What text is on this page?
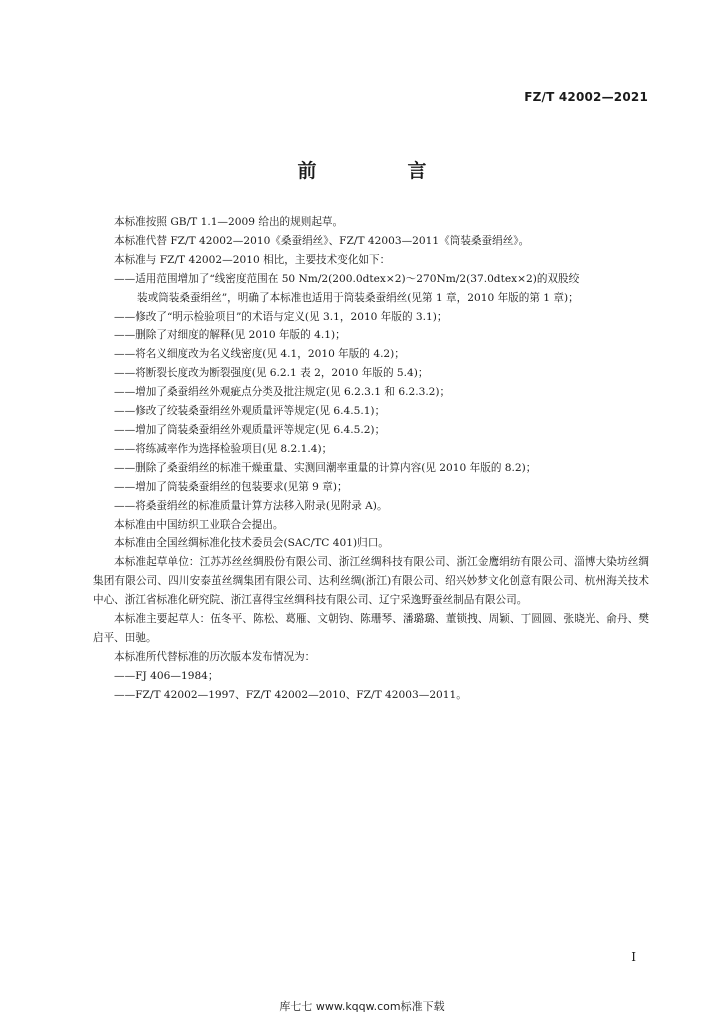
FZ/T 42002—2021
前　言
本标准按照 GB/T 1.1—2009 给出的规则起草。
本标准代替 FZ/T 42002—2010《桑蚕绢丝》、FZ/T 42003—2011《筒装桑蚕绢丝》。
本标准与 FZ/T 42002—2010 相比，主要技术变化如下：
——适用范围增加了“线密度范围在 50 Nm/2(200.0dtex×2)～270Nm/2(37.0dtex×2)的双股绞
装或筒装桑蚕绢丝”，明确了本标准也适用于筒装桑蚕绢丝(见第 1 章，2010 年版的第 1 章)；
——修改了“明示检验项目”的术语与定义(见 3.1，2010 年版的 3.1)；
——删除了对细度的解释(见 2010 年版的 4.1)；
——将名义细度改为名义线密度(见 4.1，2010 年版的 4.2)；
——将断裂长度改为断裂强度(见 6.2.1 表 2，2010 年版的 5.4)；
——增加了桑蚕绢丝外观疵点分类及批注规定(见 6.2.3.1 和 6.2.3.2)；
——修改了绞装桑蚕绢丝外观质量评等规定(见 6.4.5.1)；
——增加了筒装桑蚕绢丝外观质量评等规定(见 6.4.5.2)；
——将练减率作为选择检验项目(见 8.2.1.4)；
——删除了桑蚕绢丝的标准干燥重量、实测回潮率重量的计算内容(见 2010 年版的 8.2)；
——增加了筒装桑蚕绢丝的包装要求(见第 9 章)；
——将桑蚕绢丝的标准质量计算方法移入附录(见附录 A)。
本标准由中国纺织工业联合会提出。
本标准由全国丝绸标准化技术委员会(SAC/TC 401)归口。
本标准起草单位：江苏苏丝丝绸股份有限公司、浙江丝绸科技有限公司、浙江金鹰绢纺有限公司、淄博大染坊丝绸集团有限公司、四川安泰茧丝绸集团有限公司、达利丝绸(浙江)有限公司、绍兴妙梦文化创意有限公司、杭州海关技术中心、浙江省标准化研究院、浙江喜得宝丝绸科技有限公司、辽宁采逸野蚕丝制品有限公司。
本标准主要起草人：伍冬平、陈松、葛雁、文朝钧、陈珊琴、潘璐璐、董锁拽、周颖、丁圆圆、张晓光、俞丹、樊启平、田驰。
本标准所代替标准的历次版本发布情况为：
——FJ 406—1984；
——FZ/T 42002—1997、FZ/T 42002—2010、FZ/T 42003—2011。
I
库七七 www.kqqw.com标准下载
